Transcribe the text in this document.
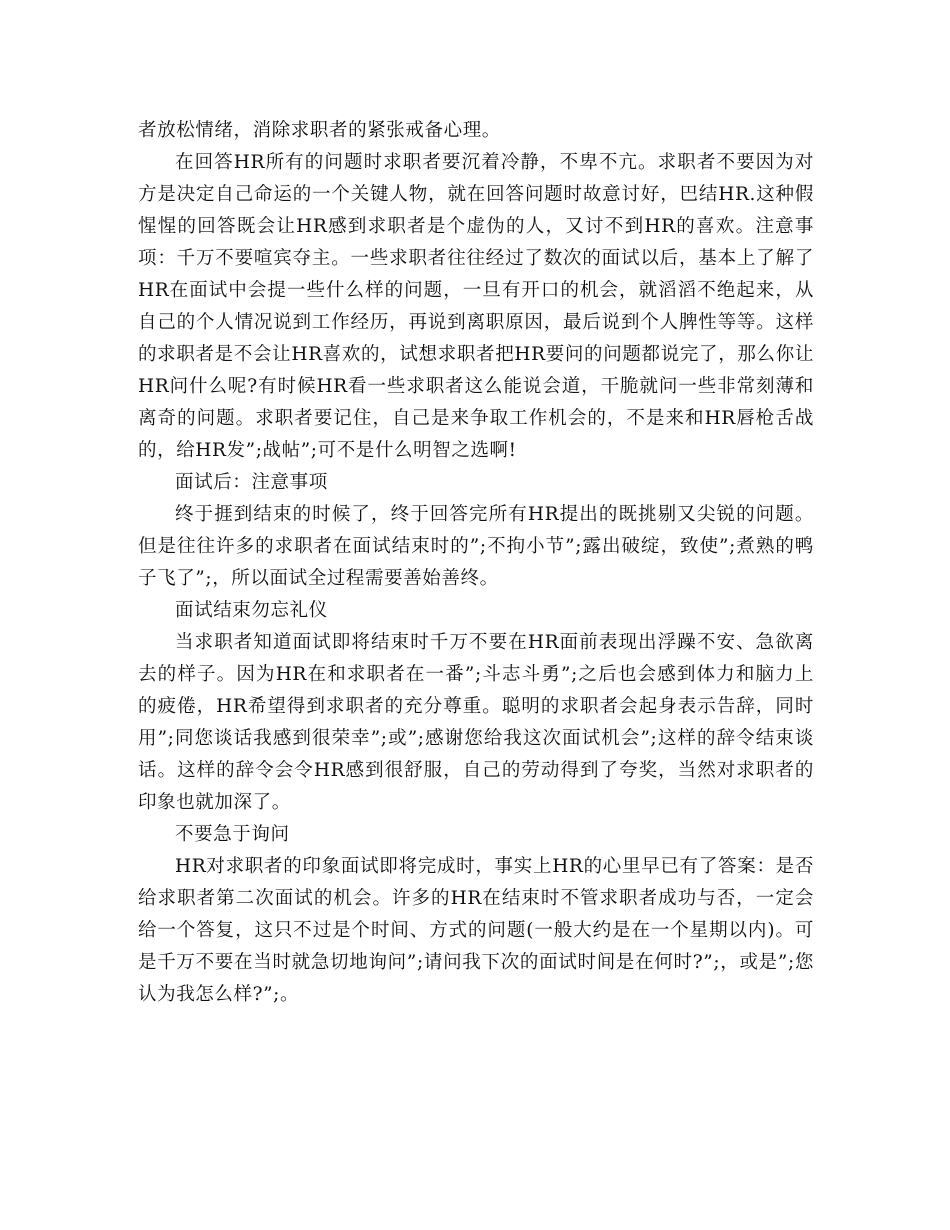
者放松情绪，消除求职者的紧张戒备心理。

在回答HR所有的问题时求职者要沉着冷静，不卑不亢。求职者不要因为对方是决定自己命运的一个关键人物，就在回答问题时故意讨好，巴结HR.这种假惺惺的回答既会让HR感到求职者是个虚伪的人，又讨不到HR的喜欢。注意事项：千万不要喧宾夺主。一些求职者往往经过了数次的面试以后，基本上了解了HR在面试中会提一些什么样的问题，一旦有开口的机会，就滔滔不绝起来，从自己的个人情况说到工作经历，再说到离职原因，最后说到个人脾性等等。这样的求职者是不会让HR喜欢的，试想求职者把HR要问的问题都说完了，那么你让HR问什么呢?有时候HR看一些求职者这么能说会道，干脆就问一些非常刻薄和离奇的问题。求职者要记住，自己是来争取工作机会的，不是来和HR唇枪舌战的，给HR发”;战帖”;可不是什么明智之选啊!

面试后：注意事项

终于捱到结束的时候了，终于回答完所有HR提出的既挑剔又尖锐的问题。但是往往许多的求职者在面试结束时的”;不拘小节”;露出破绽，致使”;煮熟的鸭子飞了”;，所以面试全过程需要善始善终。

面试结束勿忘礼仪

当求职者知道面试即将结束时千万不要在HR面前表现出浮躁不安、急欲离去的样子。因为HR在和求职者在一番”;斗志斗勇”;之后也会感到体力和脑力上的疲倦，HR希望得到求职者的充分尊重。聪明的求职者会起身表示告辞，同时用”;同您谈话我感到很荣幸”;或”;感谢您给我这次面试机会”;这样的辞令结束谈话。这样的辞令会令HR感到很舒服，自己的劳动得到了夸奖，当然对求职者的印象也就加深了。

不要急于询问

HR对求职者的印象面试即将完成时，事实上HR的心里早已有了答案：是否给求职者第二次面试的机会。许多的HR在结束时不管求职者成功与否，一定会给一个答复，这只不过是个时间、方式的问题(一般大约是在一个星期以内)。可是千万不要在当时就急切地询问”;请问我下次的面试时间是在何时?”;，或是”;您认为我怎么样?”;。
